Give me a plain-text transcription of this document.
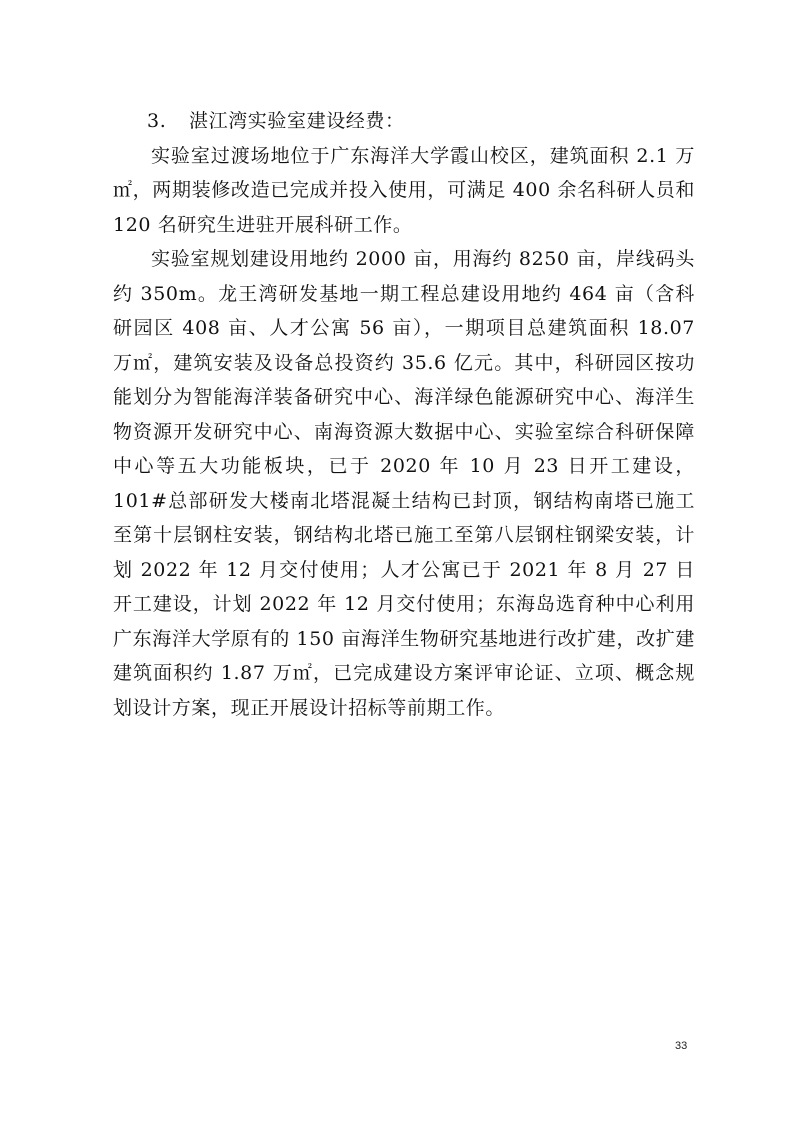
3. 湛江湾实验室建设经费：

实验室过渡场地位于广东海洋大学霞山校区，建筑面积 2.1 万㎡，两期装修改造已完成并投入使用，可满足 400 余名科研人员和 120 名研究生进驻开展科研工作。

实验室规划建设用地约 2000 亩，用海约 8250 亩，岸线码头约 350m。龙王湾研发基地一期工程总建设用地约 464 亩（含科研园区 408 亩、人才公寓 56 亩），一期项目总建筑面积 18.07 万㎡，建筑安装及设备总投资约 35.6 亿元。其中，科研园区按功能划分为智能海洋装备研究中心、海洋绿色能源研究中心、海洋生物资源开发研究中心、南海资源大数据中心、实验室综合科研保障中心等五大功能板块，已于 2020 年 10 月 23 日开工建设，101#总部研发大楼南北塔混凝土结构已封顶，钢结构南塔已施工至第十层钢柱安装，钢结构北塔已施工至第八层钢柱钢梁安装，计划 2022 年 12 月交付使用；人才公寓已于 2021 年 8 月 27 日开工建设，计划 2022 年 12 月交付使用；东海岛选育种中心利用广东海洋大学原有的 150 亩海洋生物研究基地进行改扩建，改扩建建筑面积约 1.87 万㎡，已完成建设方案评审论证、立项、概念规划设计方案，现正开展设计招标等前期工作。

33
